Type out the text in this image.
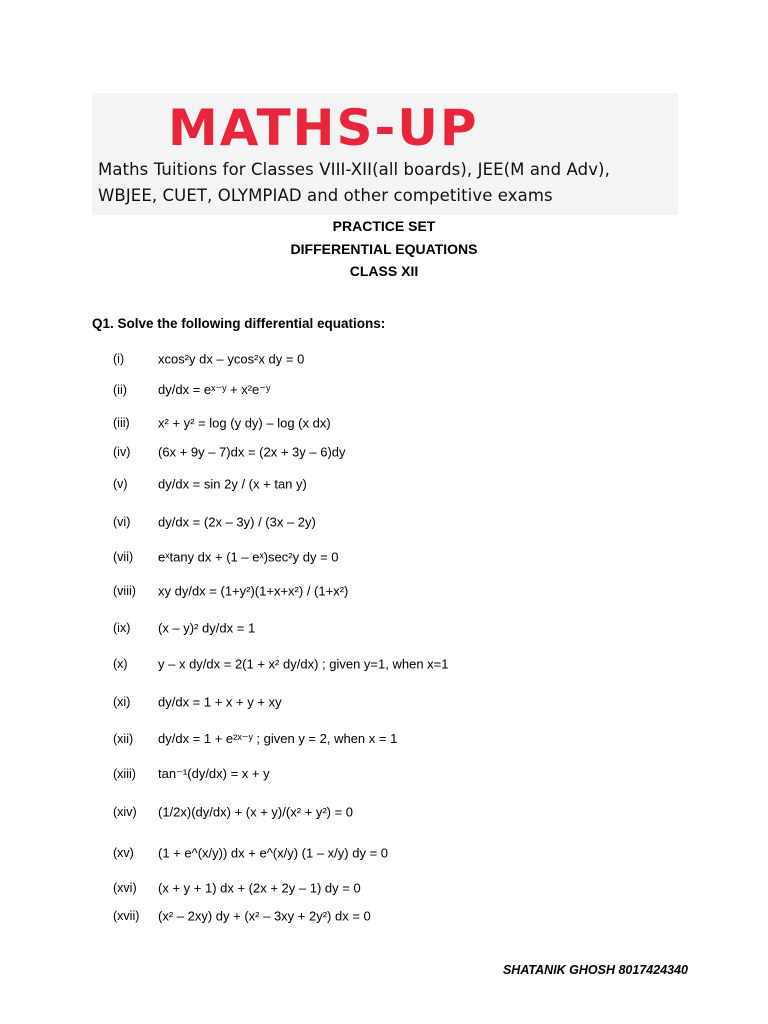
MATHS-UP
Maths Tuitions for Classes VIII-XII(all boards), JEE(M and Adv),
WBJEE, CUET, OLYMPIAD and other competitive exams
PRACTICE SET
DIFFERENTIAL EQUATIONS
CLASS XII
Q1. Solve the following differential equations:
(i)	xcos²y dx – ycos²x dy = 0
(ii) dy/dx = eˣ⁻ʸ + x²e⁻ʸ
(iii) x² + y² = log (y dy) – log (x dx)
(iv) (6x + 9y – 7)dx = (2x + 3y – 6)dy
(v) dy/dx = sin 2y / (x + tan y)
(vi) dy/dx = (2x – 3y) / (3x – 2y)
(vii) eˣtany dx + (1 – eˣ)sec²y dy = 0
(viii) xy dy/dx = (1+y²)(1+x+x²) / (1+x²)
(ix) (x – y)² dy/dx = 1
(x) y – x dy/dx = 2(1 + x² dy/dx) ; given y=1, when x=1
(xi) dy/dx = 1 + x + y + xy
(xii) dy/dx = 1 + e²ˣ⁻ʸ ; given y = 2, when x = 1
(xiii) tan⁻¹(dy/dx) = x + y
(xiv) (1/2x)(dy/dx) + (x + y)/(x² + y²) = 0
(xv) (1 + e^(x/y)) dx + e^(x/y) (1 – x/y) dy = 0
(xvi) (x + y + 1) dx + (2x + 2y – 1) dy = 0
(xvii) (x² – 2xy) dy + (x² – 3xy + 2y²) dx = 0
SHATANIK GHOSH 8017424340
